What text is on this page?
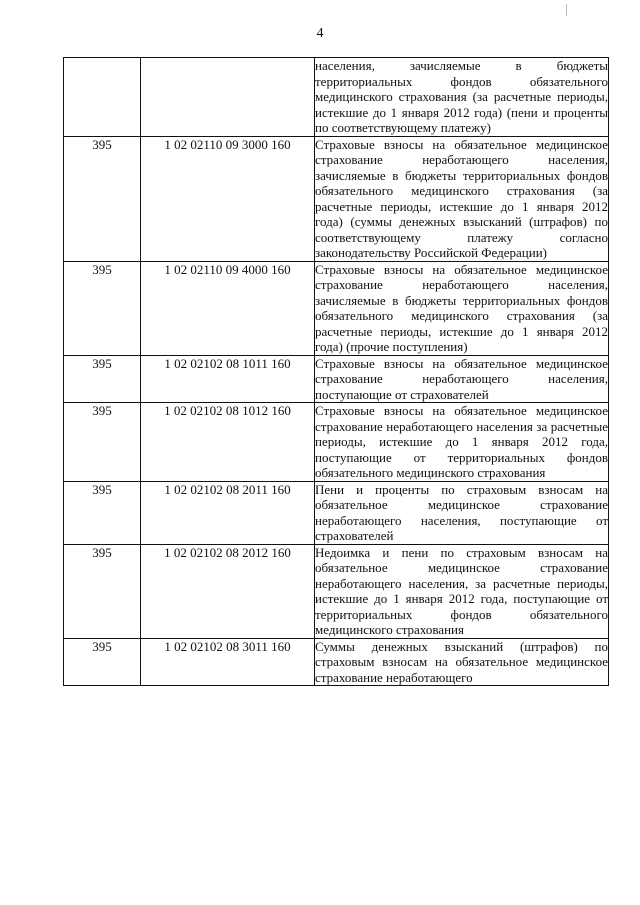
4

		населения, зачисляемые в бюджеты территориальных фондов обязательного медицинского страхования (за расчетные периоды, истекшие до 1 января 2012 года) (пени и проценты по соответствующему платежу)

395	1 02 02110 09 3000 160	Страховые взносы на обязательное медицинское страхование неработающего населения, зачисляемые в бюджеты территориальных фондов обязательного медицинского страхования (за расчетные периоды, истекшие до 1 января 2012 года) (суммы денежных взысканий (штрафов) по соответствующему платежу согласно законодательству Российской Федерации)

395	1 02 02110 09 4000 160	Страховые взносы на обязательное медицинское страхование неработающего населения, зачисляемые в бюджеты территориальных фондов обязательного медицинского страхования (за расчетные периоды, истекшие до 1 января 2012 года) (прочие поступления)

395	1 02 02102 08 1011 160	Страховые взносы на обязательное медицинское страхование неработающего населения, поступающие от страхователей

395	1 02 02102 08 1012 160	Страховые взносы на обязательное медицинское страхование неработающего населения за расчетные периоды, истекшие до 1 января 2012 года, поступающие от территориальных фондов обязательного медицинского страхования

395	1 02 02102 08 2011 160	Пени и проценты по страховым взносам на обязательное медицинское страхование неработающего населения, поступающие от страхователей

395	1 02 02102 08 2012 160	Недоимка и пени по страховым взносам на обязательное медицинское страхование неработающего населения, за расчетные периоды, истекшие до 1 января 2012 года, поступающие от территориальных фондов обязательного медицинского страхования

395	1 02 02102 08 3011 160	Суммы денежных взысканий (штрафов) по страховым взносам на обязательное медицинское страхование неработающего
